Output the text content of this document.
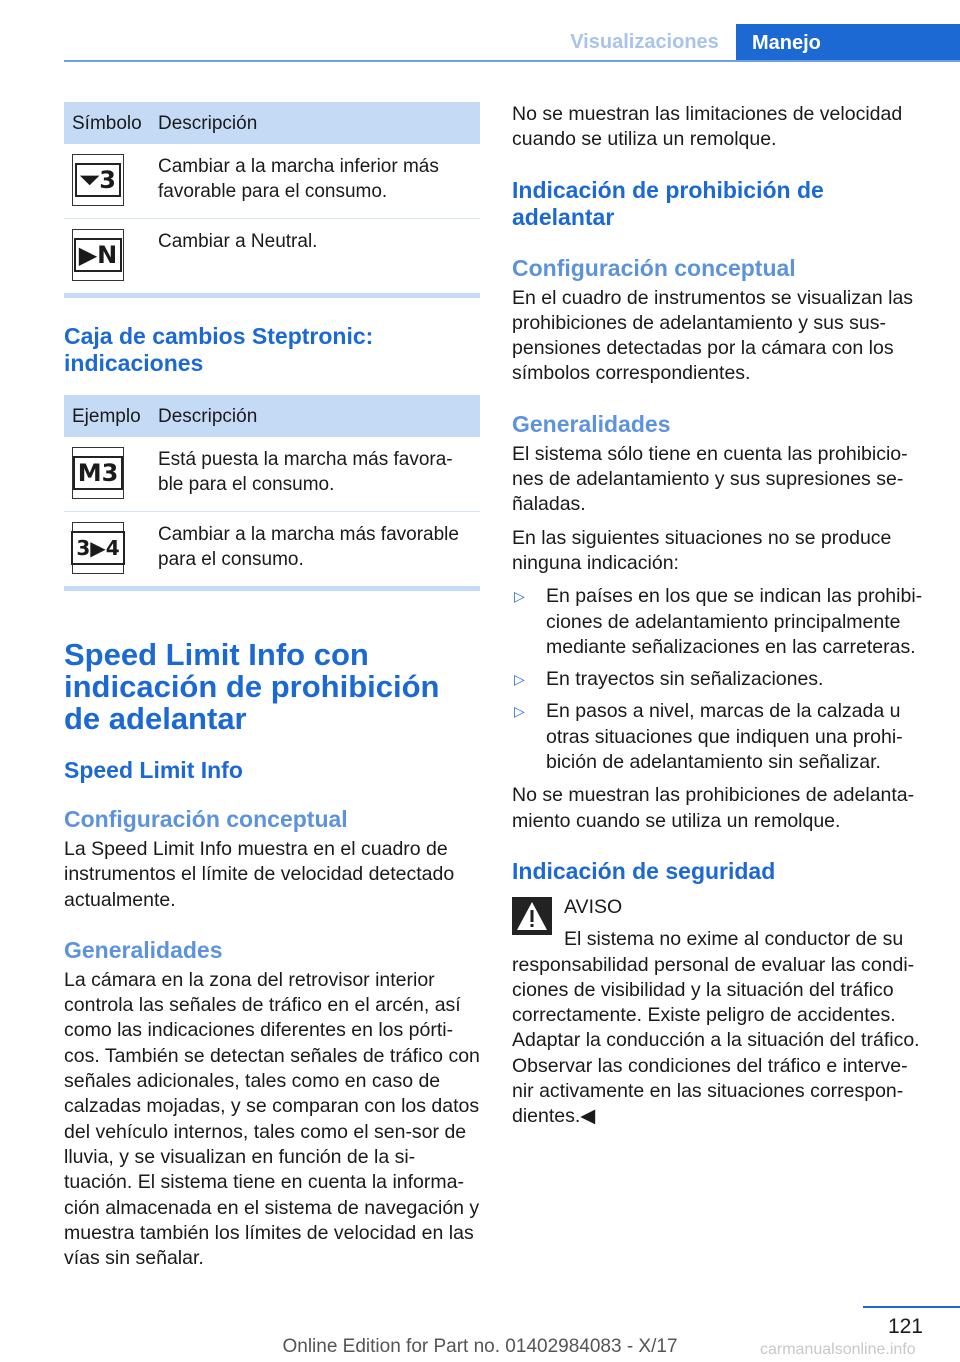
Visualizaciones	Manejo
Símbolo	Descripción

⏷3	Cambiar a la marcha inferior más favorable para el consumo.

▶N	Cambiar a Neutral.
Caja de cambios Steptronic: indicaciones
Ejemplo	Descripción

M3	Está puesta la marcha más favora-ble para el consumo.

3▶4	Cambiar a la marcha más favorable para el consumo.
Speed Limit Info con indicación de prohibición de adelantar
Speed Limit Info
Configuración conceptual

La Speed Limit Info muestra en el cuadro de instrumentos el límite de velocidad detectado actualmente.

Generalidades

La cámara en la zona del retrovisor interior controla las señales de tráfico en el arcén, así como las indicaciones diferentes en los pórti-cos. También se detectan señales de tráfico con señales adicionales, tales como en caso de calzadas mojadas, y se comparan con los datos del vehículo internos, tales como el sen-sor de lluvia, y se visualizan en función de la si-tuación. El sistema tiene en cuenta la informa-ción almacenada en el sistema de navegación y muestra también los límites de velocidad en las vías sin señalar.

No se muestran las limitaciones de velocidad cuando se utiliza un remolque.

Indicación de prohibición de adelantar
Configuración conceptual

En el cuadro de instrumentos se visualizan las prohibiciones de adelantamiento y sus sus-pensiones detectadas por la cámara con los símbolos correspondientes.

Generalidades

El sistema sólo tiene en cuenta las prohibicio-nes de adelantamiento y sus supresiones se-ñaladas.

En las siguientes situaciones no se produce ninguna indicación:

▷ En países en los que se indican las prohibi-ciones de adelantamiento principalmente mediante señalizaciones en las carreteras.
▷ En trayectos sin señalizaciones.
▷ En pasos a nivel, marcas de la calzada u otras situaciones que indiquen una prohi-bición de adelantamiento sin señalizar.

No se muestran las prohibiciones de adelanta-miento cuando se utiliza un remolque.

Indicación de seguridad

AVISO

El sistema no exime al conductor de su responsabilidad personal de evaluar las condi-ciones de visibilidad y la situación del tráfico correctamente. Existe peligro de accidentes. Adaptar la conducción a la situación del tráfico. Observar las condiciones del tráfico e interve-nir activamente en las situaciones correspon-dientes.◀

121
Online Edition for Part no. 01402984083 - X/17	carmanualsonline.info
